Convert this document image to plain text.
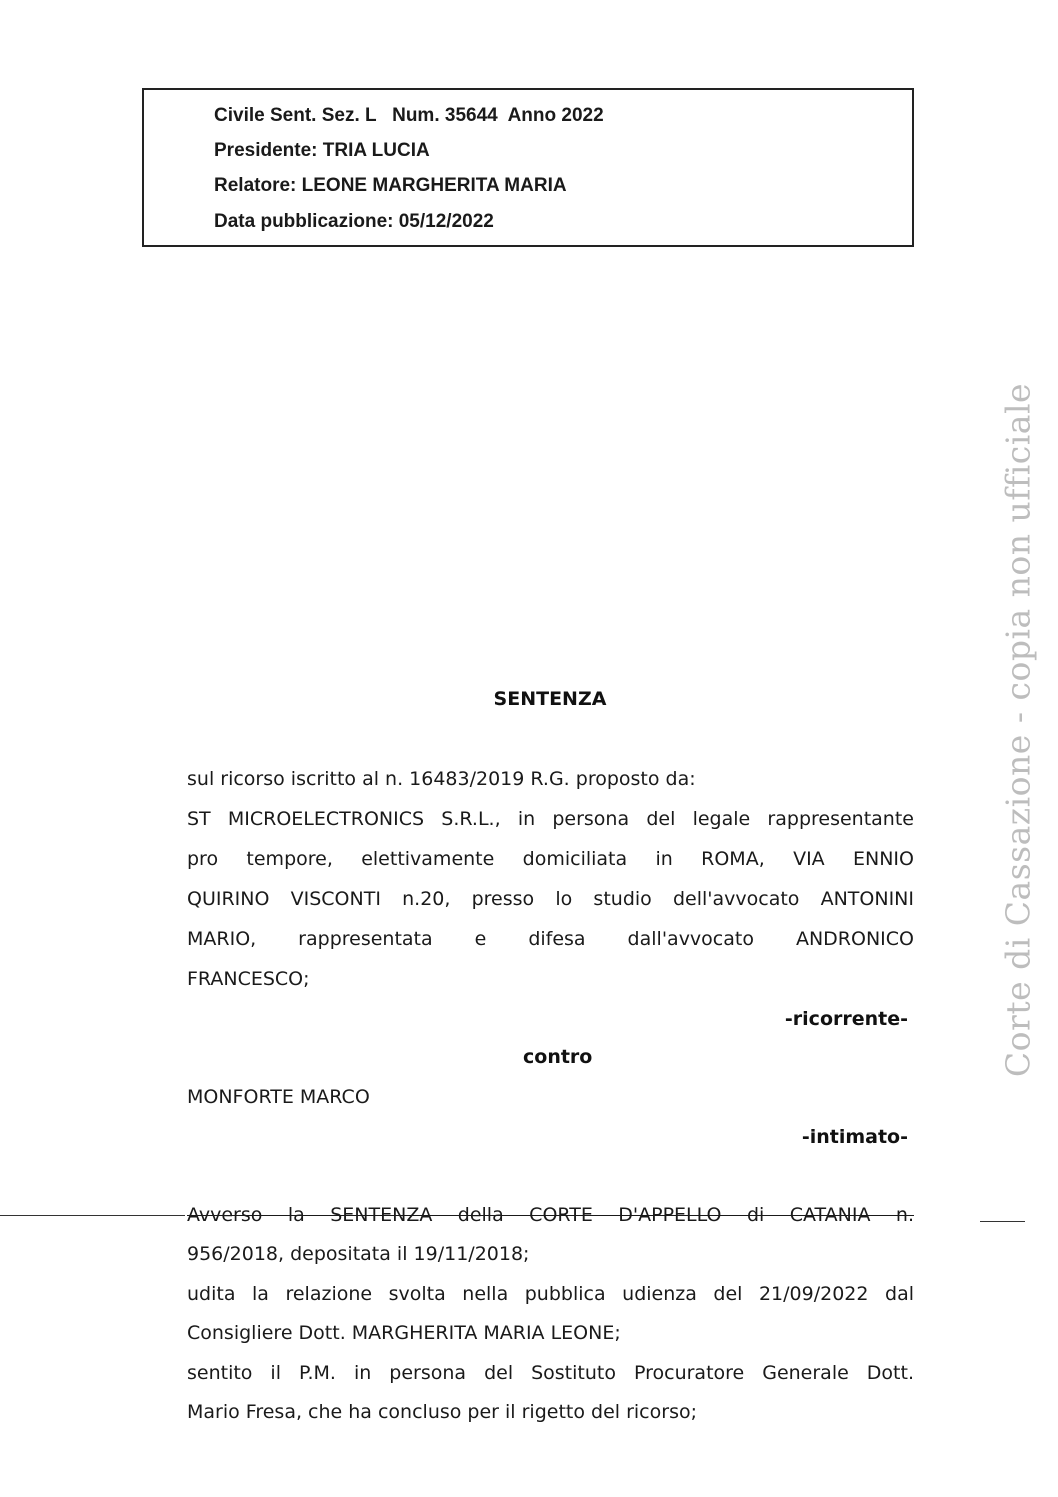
Civile Sent. Sez. L   Num. 35644  Anno 2022
Presidente: TRIA LUCIA
Relatore: LEONE MARGHERITA MARIA
Data pubblicazione: 05/12/2022
Corte di Cassazione - copia non ufficiale
SENTENZA
sul ricorso iscritto al n. 16483/2019 R.G. proposto da:
ST MICROELECTRONICS S.R.L., in persona del legale rappresentante
pro tempore, elettivamente domiciliata in ROMA, VIA ENNIO
QUIRINO VISCONTI n.20, presso lo studio dell'avvocato ANTONINI
MARIO, rappresentata e difesa dall'avvocato ANDRONICO
FRANCESCO;
-ricorrente-
contro
MONFORTE MARCO
-intimato-
Avverso la SENTENZA della CORTE D'APPELLO di CATANIA n.
956/2018, depositata il 19/11/2018;
udita la relazione svolta nella pubblica udienza del 21/09/2022 dal
Consigliere Dott. MARGHERITA MARIA LEONE;
sentito il P.M. in persona del Sostituto Procuratore Generale Dott.
Mario Fresa, che ha concluso per il rigetto del ricorso;
